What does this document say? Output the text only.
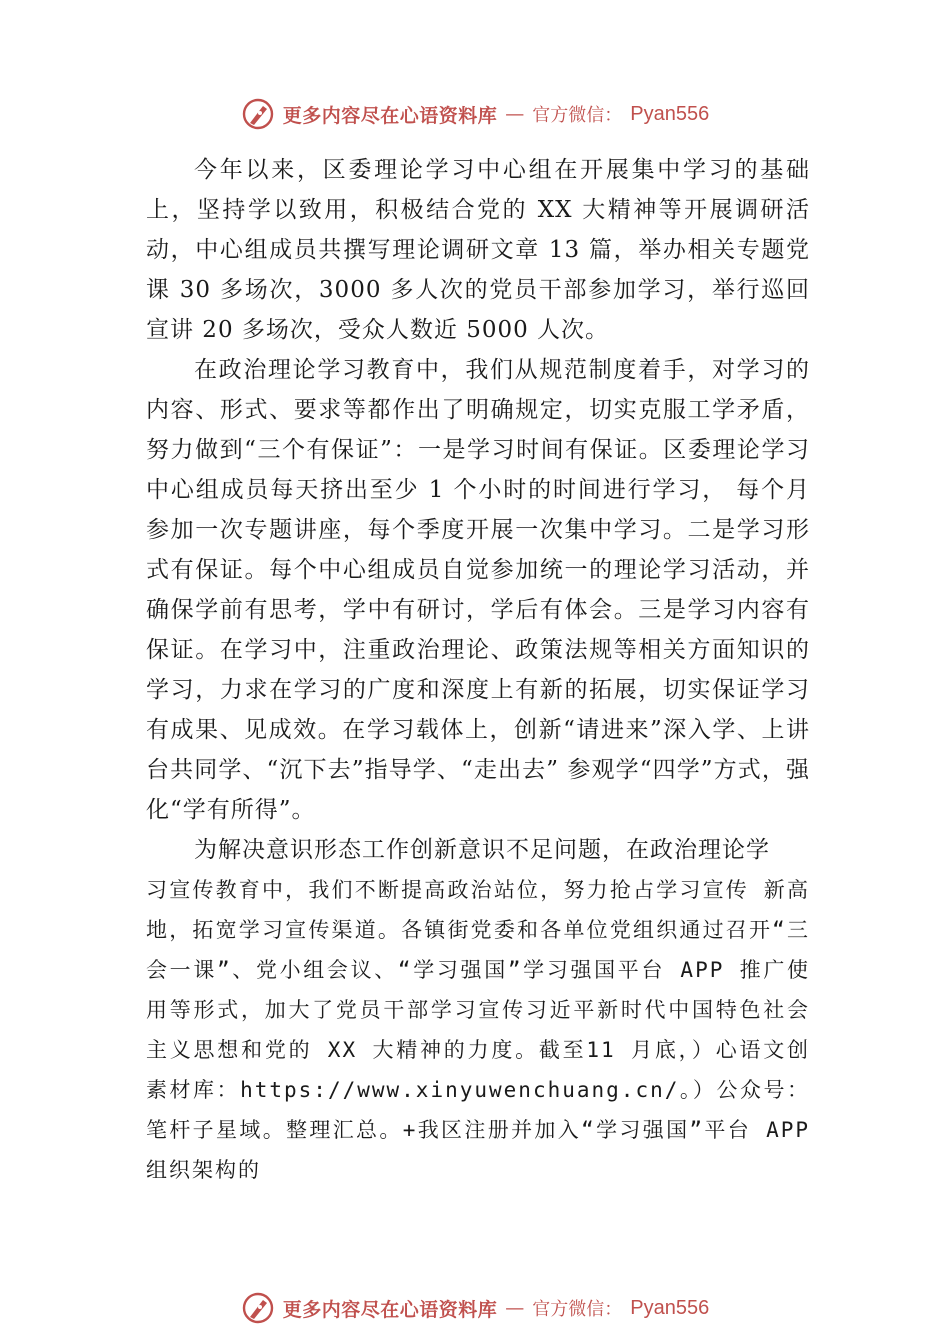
更多内容尽在心语资料库 — 官方微信： Pyan556

今年以来，区委理论学习中心组在开展集中学习的基础上，坚持学以致用，积极结合党的 XX 大精神等开展调研活动，中心组成员共撰写理论调研文章 13 篇，举办相关专题党课 30 多场次，3000 多人次的党员干部参加学习，举行巡回宣讲 20 多场次，受众人数近 5000 人次。

在政治理论学习教育中，我们从规范制度着手，对学习的内容、形式、要求等都作出了明确规定，切实克服工学矛盾，努力做到“三个有保证”：一是学习时间有保证。区委理论学习中心组成员每天挤出至少 1 个小时的时间进行学习， 每个月参加一次专题讲座，每个季度开展一次集中学习。二是学习形式有保证。每个中心组成员自觉参加统一的理论学习活动，并确保学前有思考，学中有研讨，学后有体会。三是学习内容有保证。在学习中，注重政治理论、政策法规等相关方面知识的学习，力求在学习的广度和深度上有新的拓展，切实保证学习有成果、见成效。在学习载体上，创新“请进来”深入学、上讲台共同学、“沉下去”指导学、“走出去” 参观学“四学”方式，强化“学有所得”。

为解决意识形态工作创新意识不足问题，在政治理论学

习宣传教育中，我们不断提高政治站位，努力抢占学习宣传 新高地，拓宽学习宣传渠道。各镇街党委和各单位党组织通过召开“三会一课”、党小组会议、“学习强国”学习强国平台 APP 推广使用等形式，加大了党员干部学习宣传习近平新时代中国特色社会主义思想和党的 XX 大精神的力度。截至11 月底，）心语文创素材库：https://www.xinyuwenchuang.cn/。）公众号：笔杆子星域。整理汇总。+我区注册并加入“学习强国”平台 APP 组织架构的

更多内容尽在心语资料库 — 官方微信： Pyan556
